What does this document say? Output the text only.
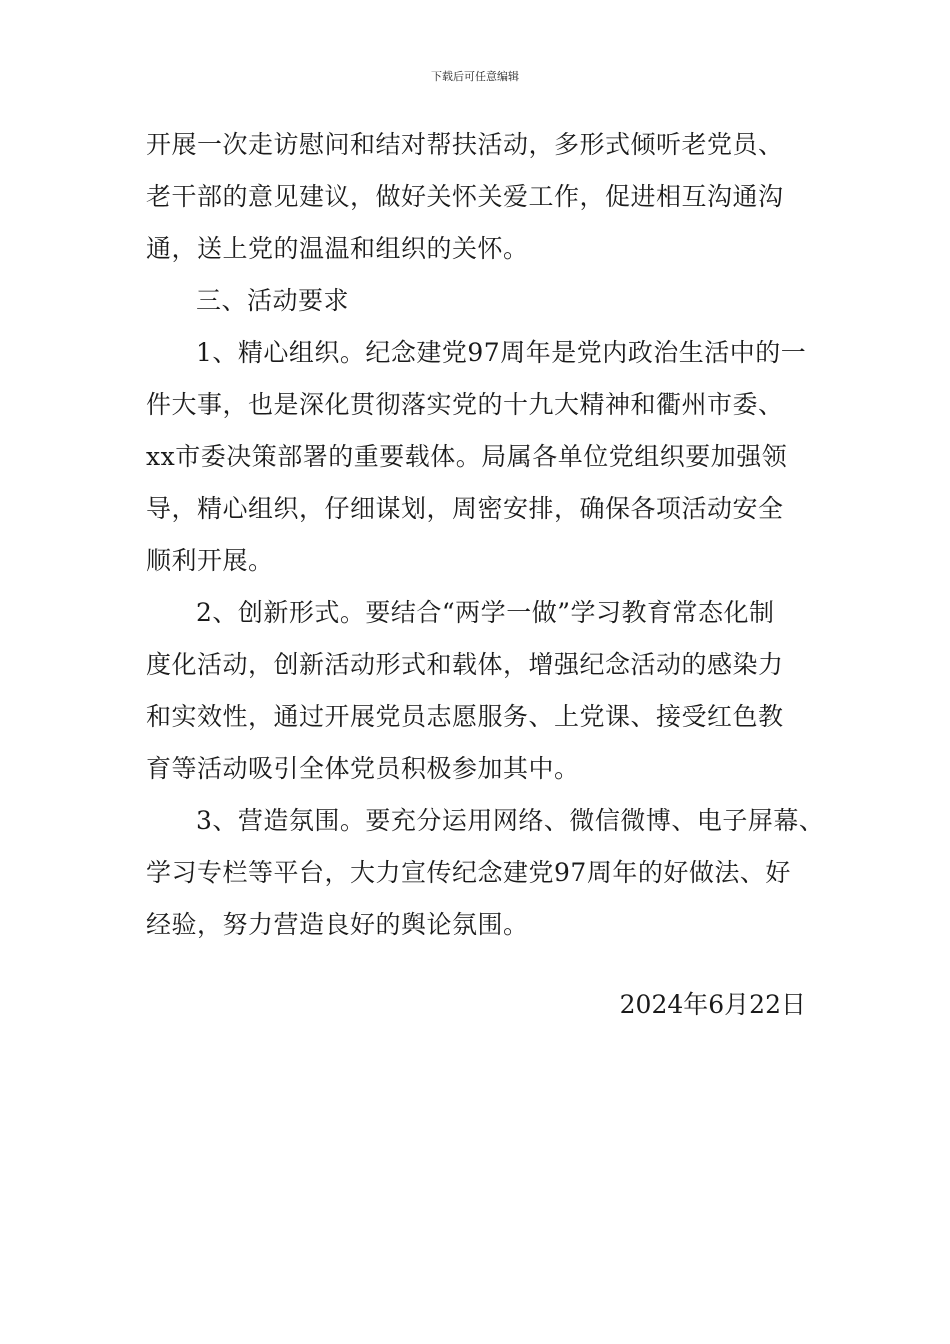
下载后可任意编辑
开展一次走访慰问和结对帮扶活动，多形式倾听老党员、
老干部的意见建议，做好关怀关爱工作，促进相互沟通沟
通，送上党的温温和组织的关怀。
三、活动要求
1、精心组织。纪念建党97周年是党内政治生活中的一
件大事，也是深化贯彻落实党的十九大精神和衢州市委、
xx市委决策部署的重要载体。局属各单位党组织要加强领
导，精心组织，仔细谋划，周密安排，确保各项活动安全
顺利开展。
2、创新形式。要结合“两学一做”学习教育常态化制
度化活动，创新活动形式和载体，增强纪念活动的感染力
和实效性，通过开展党员志愿服务、上党课、接受红色教
育等活动吸引全体党员积极参加其中。
3、营造氛围。要充分运用网络、微信微博、电子屏幕、
学习专栏等平台，大力宣传纪念建党97周年的好做法、好
经验，努力营造良好的舆论氛围。
2024年6月22日
